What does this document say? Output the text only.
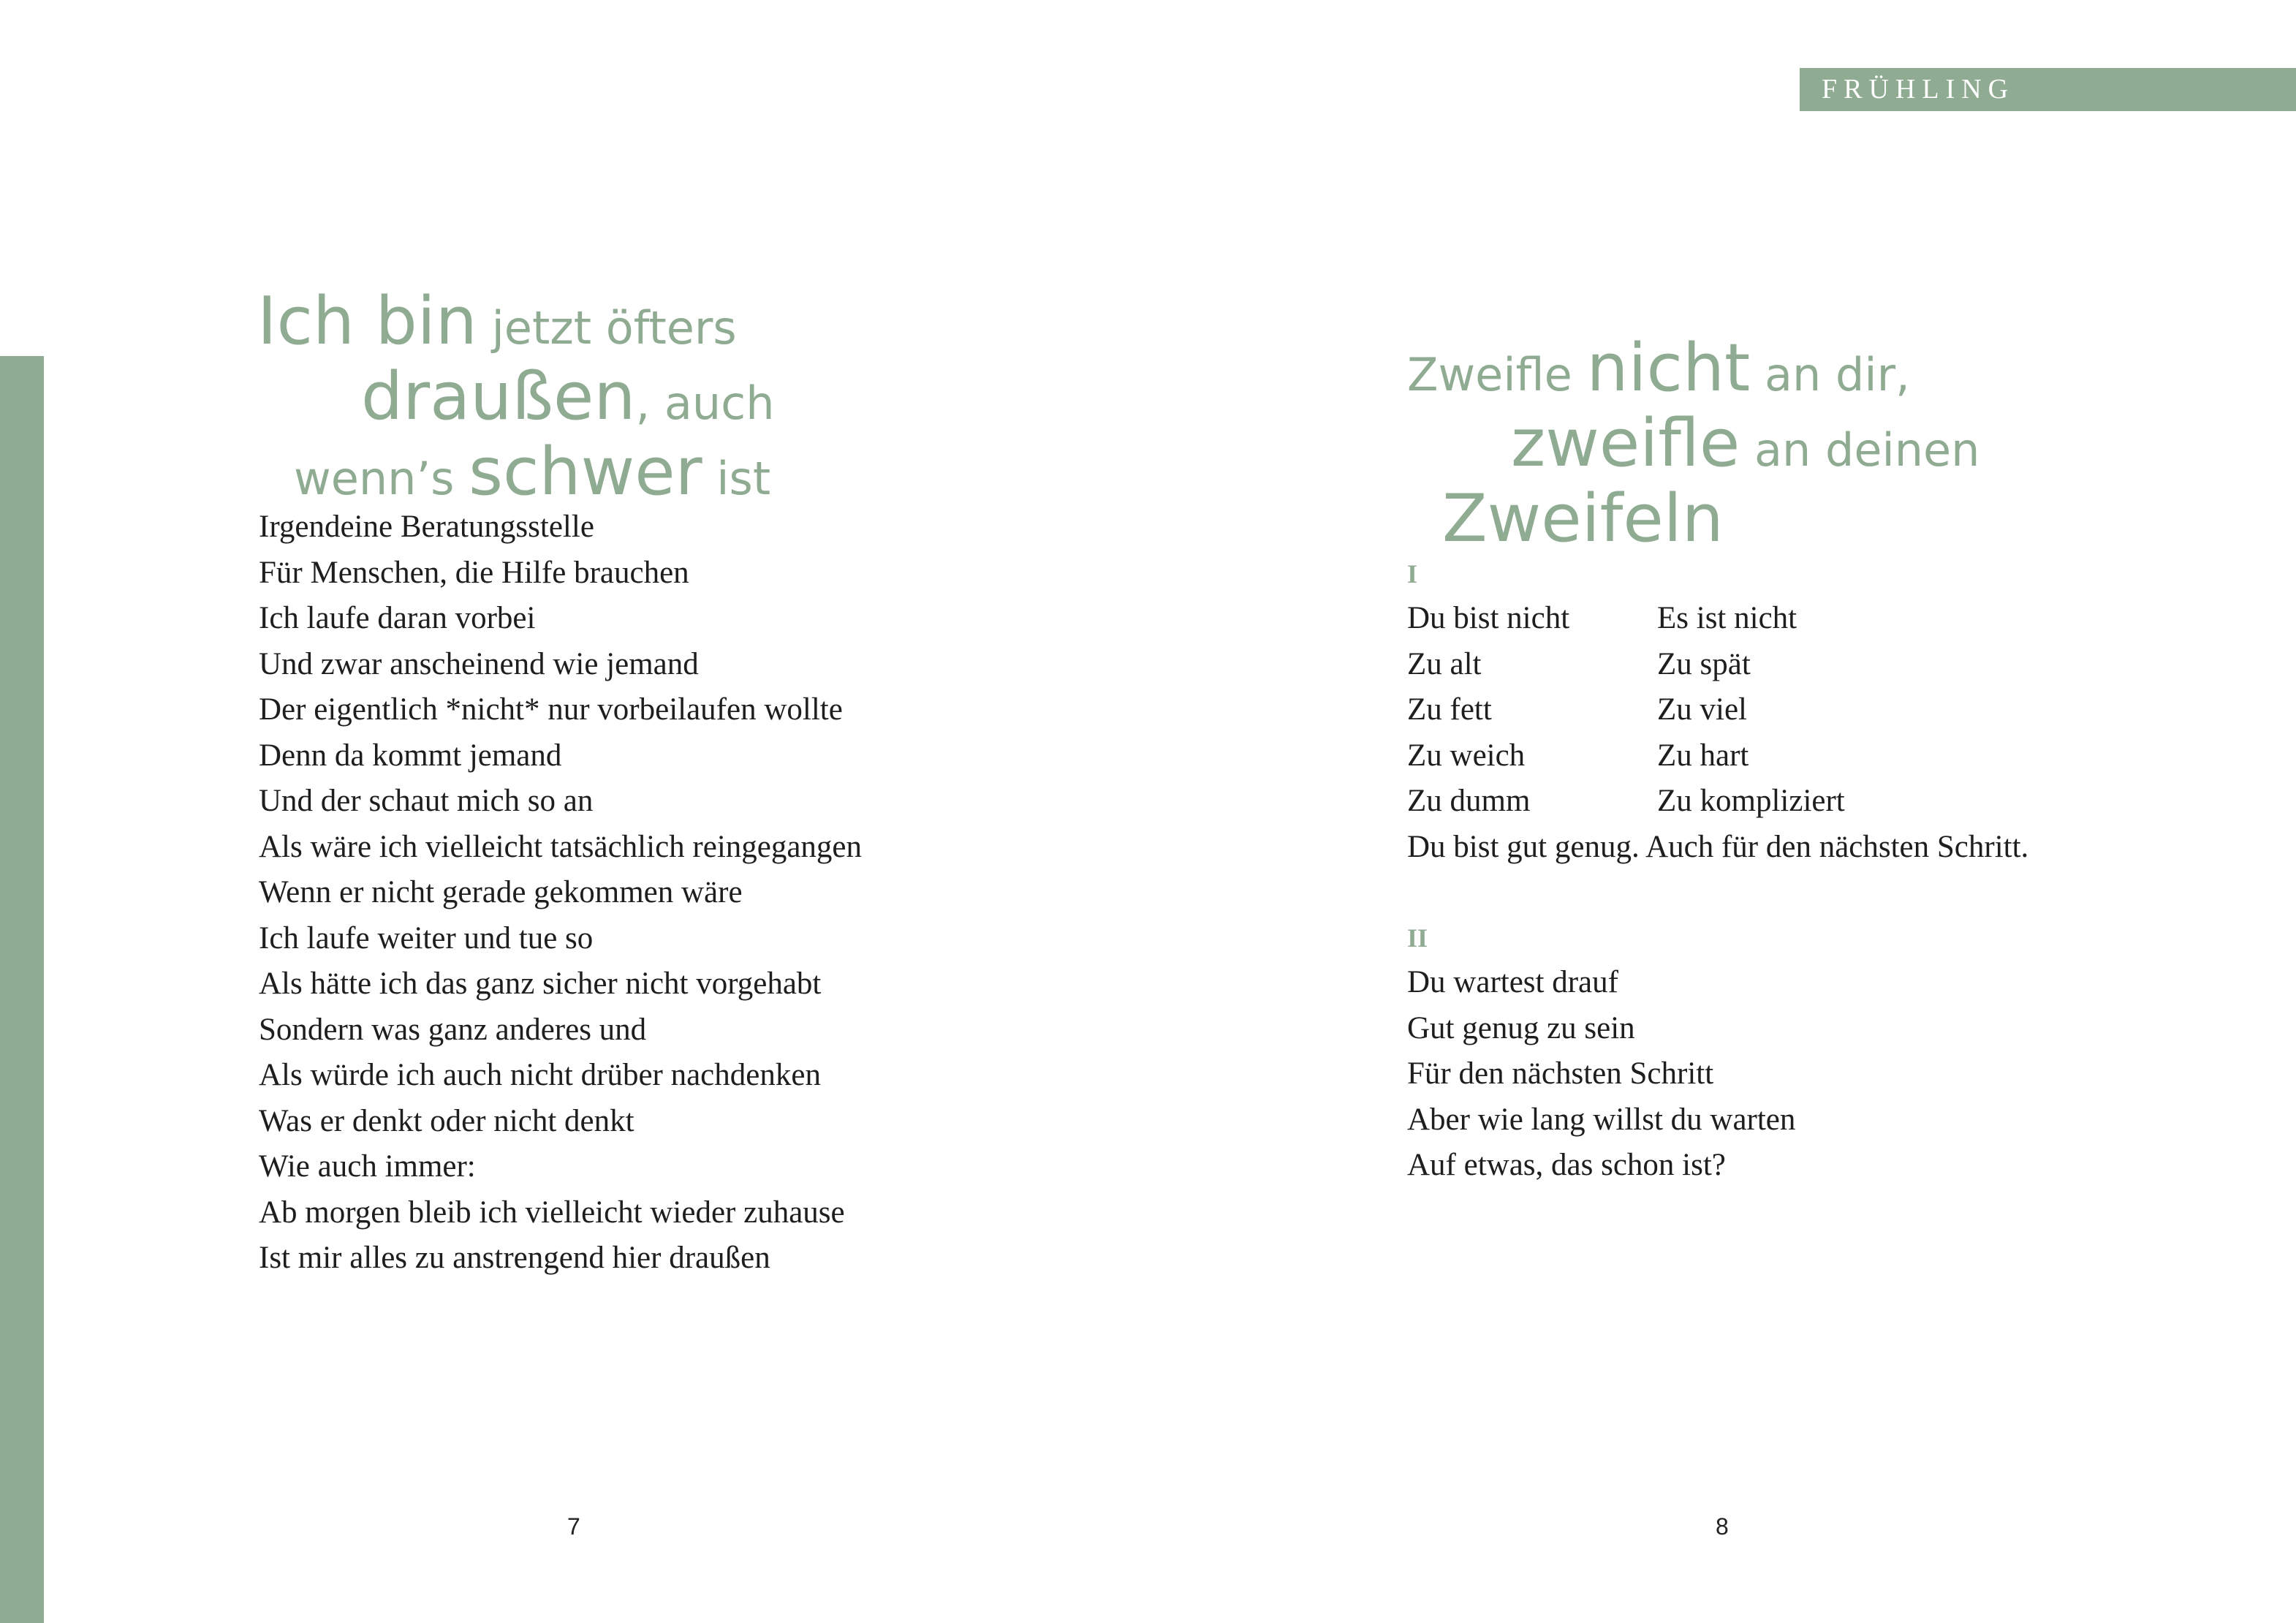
FRÜHLING
Ich bin jetzt öfters
draußen, auch
wenn’s schwer ist
Irgendeine Beratungsstelle
Für Menschen, die Hilfe brauchen
Ich laufe daran vorbei
Und zwar anscheinend wie jemand
Der eigentlich *nicht* nur vorbeilaufen wollte
Denn da kommt jemand
Und der schaut mich so an
Als wäre ich vielleicht tatsächlich reingegangen
Wenn er nicht gerade gekommen wäre
Ich laufe weiter und tue so
Als hätte ich das ganz sicher nicht vorgehabt
Sondern was ganz anderes und
Als würde ich auch nicht drüber nachdenken
Was er denkt oder nicht denkt
Wie auch immer:
Ab morgen bleib ich vielleicht wieder zuhause
Ist mir alles zu anstrengend hier draußen
7
Zweifle nicht an dir,
zweifle an deinen
Zweifeln
I
Du bist nicht	Es ist nicht
Zu alt	Zu spät
Zu fett	Zu viel
Zu weich	Zu hart
Zu dumm	Zu kompliziert
Du bist gut genug. Auch für den nächsten Schritt.
II
Du wartest drauf
Gut genug zu sein
Für den nächsten Schritt
Aber wie lang willst du warten
Auf etwas, das schon ist?
8
